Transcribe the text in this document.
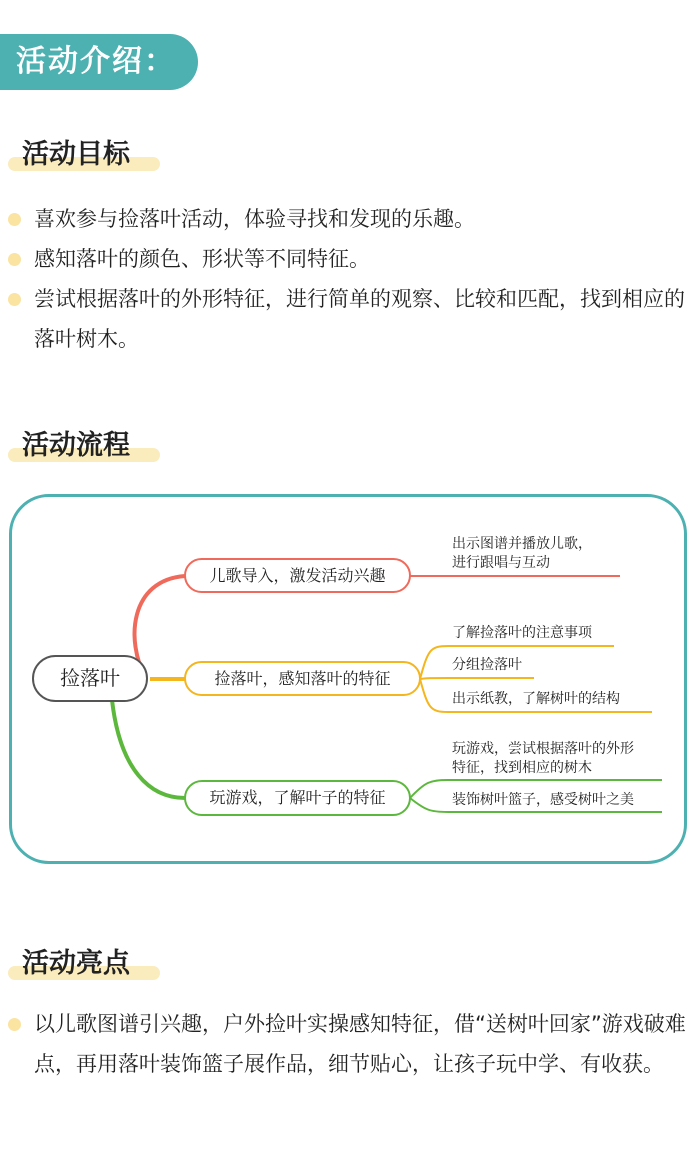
活动介绍：
活动目标
喜欢参与捡落叶活动，体验寻找和发现的乐趣。
感知落叶的颜色、形状等不同特征。
尝试根据落叶的外形特征，进行简单的观察、比较和匹配，找到相应的落叶树木。
活动流程
捡落叶
儿歌导入，激发活动兴趣
捡落叶，感知落叶的特征
玩游戏，了解叶子的特征
出示图谱并播放儿歌，
进行跟唱与互动
了解捡落叶的注意事项
分组捡落叶
出示纸教，了解树叶的结构
玩游戏，尝试根据落叶的外形
特征，找到相应的树木
装饰树叶篮子，感受树叶之美
活动亮点
以儿歌图谱引兴趣，户外捡叶实操感知特征，借“送树叶回家”游戏破难点，再用落叶装饰篮子展作品，细节贴心，让孩子玩中学、有收获。
